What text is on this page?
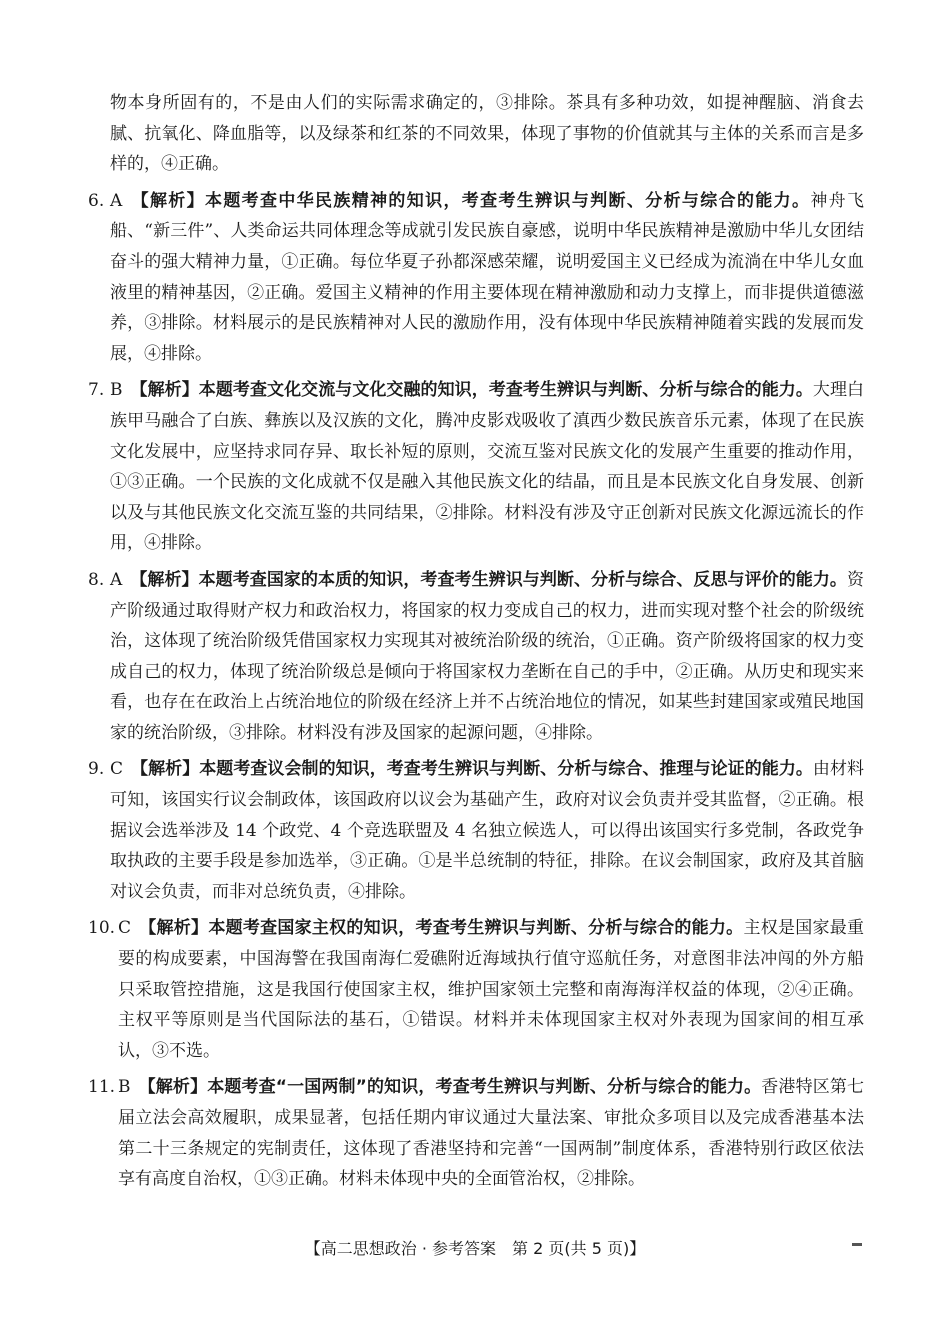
物本身所固有的，不是由人们的实际需求确定的，③排除。茶具有多种功效，如提神醒脑、消食去腻、抗氧化、降血脂等，以及绿茶和红茶的不同效果，体现了事物的价值就其与主体的关系而言是多样的，④正确。

6. A 【解析】本题考查中华民族精神的知识，考查考生辨识与判断、分析与综合的能力。神舟飞船、“新三件”、人类命运共同体理念等成就引发民族自豪感，说明中华民族精神是激励中华儿女团结奋斗的强大精神力量，①正确。每位华夏子孙都深感荣耀，说明爱国主义已经成为流淌在中华儿女血液里的精神基因，②正确。爱国主义精神的作用主要体现在精神激励和动力支撑上，而非提供道德滋养，③排除。材料展示的是民族精神对人民的激励作用，没有体现中华民族精神随着实践的发展而发展，④排除。
7. B 【解析】本题考查文化交流与文化交融的知识，考查考生辨识与判断、分析与综合的能力。大理白族甲马融合了白族、彝族以及汉族的文化，腾冲皮影戏吸收了滇西少数民族音乐元素，体现了在民族文化发展中，应坚持求同存异、取长补短的原则，交流互鉴对民族文化的发展产生重要的推动作用，①③正确。一个民族的文化成就不仅是融入其他民族文化的结晶，而且是本民族文化自身发展、创新以及与其他民族文化交流互鉴的共同结果，②排除。材料没有涉及守正创新对民族文化源远流长的作用，④排除。
8. A 【解析】本题考查国家的本质的知识，考查考生辨识与判断、分析与综合、反思与评价的能力。资产阶级通过取得财产权力和政治权力，将国家的权力变成自己的权力，进而实现对整个社会的阶级统治，这体现了统治阶级凭借国家权力实现其对被统治阶级的统治，①正确。资产阶级将国家的权力变成自己的权力，体现了统治阶级总是倾向于将国家权力垄断在自己的手中，②正确。从历史和现实来看，也存在在政治上占统治地位的阶级在经济上并不占统治地位的情况，如某些封建国家或殖民地国家的统治阶级，③排除。材料没有涉及国家的起源问题，④排除。
9. C 【解析】本题考查议会制的知识，考查考生辨识与判断、分析与综合、推理与论证的能力。由材料可知，该国实行议会制政体，该国政府以议会为基础产生，政府对议会负责并受其监督，②正确。根据议会选举涉及 14 个政党、4 个竞选联盟及 4 名独立候选人，可以得出该国实行多党制，各政党争取执政的主要手段是参加选举，③正确。①是半总统制的特征，排除。在议会制国家，政府及其首脑对议会负责，而非对总统负责，④排除。
10. C 【解析】本题考查国家主权的知识，考查考生辨识与判断、分析与综合的能力。主权是国家最重要的构成要素，中国海警在我国南海仁爱礁附近海域执行值守巡航任务，对意图非法冲闯的外方船只采取管控措施，这是我国行使国家主权，维护国家领土完整和南海海洋权益的体现，②④正确。主权平等原则是当代国际法的基石，①错误。材料并未体现国家主权对外表现为国家间的相互承认，③不选。
11. B 【解析】本题考查“一国两制”的知识，考查考生辨识与判断、分析与综合的能力。香港特区第七届立法会高效履职，成果显著，包括任期内审议通过大量法案、审批众多项目以及完成香港基本法第二十三条规定的宪制责任，这体现了香港坚持和完善“一国两制”制度体系，香港特别行政区依法享有高度自治权，①③正确。材料未体现中央的全面管治权，②排除。
【高二思想政治 · 参考答案　第 2 页(共 5 页)】
